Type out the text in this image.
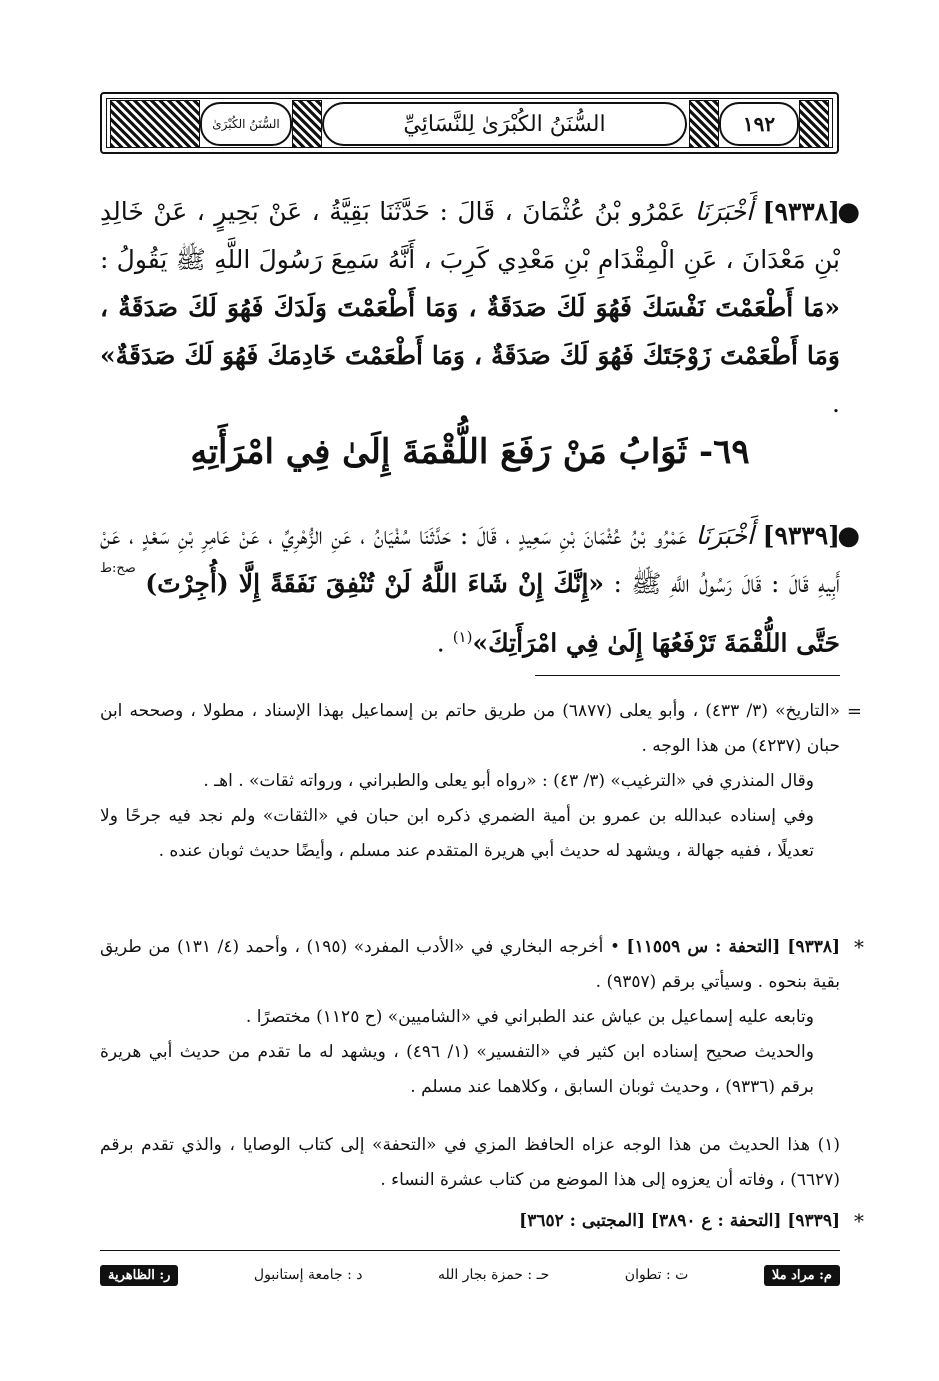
السُّنَنُ الكُبْرَىٰ	السُّنَنُ الكُبْرَىٰ لِلنَّسَائِيِّ	١٩٢
●
[٩٣٣٨] أَخْبَرَنَا عَمْرُو بْنُ عُثْمَانَ ، قَالَ : حَدَّثَنَا بَقِيَّةُ ، عَنْ بَحِيرٍ ، عَنْ خَالِدِ بْنِ مَعْدَانَ ، عَنِ الْمِقْدَامِ بْنِ مَعْدِي كَرِبَ ، أَنَّهُ سَمِعَ رَسُولَ اللَّهِ ﷺ يَقُولُ : «مَا أَطْعَمْتَ نَفْسَكَ فَهُوَ لَكَ صَدَقَةٌ ، وَمَا أَطْعَمْتَ وَلَدَكَ فَهُوَ لَكَ صَدَقَةٌ ، وَمَا أَطْعَمْتَ زَوْجَتَكَ فَهُوَ لَكَ صَدَقَةٌ ، وَمَا أَطْعَمْتَ خَادِمَكَ فَهُوَ لَكَ صَدَقَةٌ» .
٦٩- ثَوَابُ مَنْ رَفَعَ اللُّقْمَةَ إِلَىٰ فِي امْرَأَتِهِ
●
[٩٣٣٩] أَخْبَرَنَا عَمْرُو بْنُ عُثْمَانَ بْنِ سَعِيدٍ ، قَالَ : حَدَّثَنَا سُفْيَانُ ، عَنِ الزُّهْرِيِّ ، عَنْ عَامِرِ بْنِ سَعْدٍ ، عَنْ أَبِيهِ قَالَ : قَالَ رَسُولُ اللَّهِ ﷺ : «إِنَّكَ إِنْ شَاءَ اللَّهُ لَنْ تُنْفِقَ نَفَقَةً إِلَّا (أُجِرْتَ) $^{صح:ط}$ حَتَّى اللُّقْمَةَ تَرْفَعُهَا إِلَىٰ فِي امْرَأَتِكَ»$^{(١)}$ .
=

«التاريخ» (٣/ ٤٣٣) ، وأبو يعلى (٦٨٧٧) من طريق حاتم بن إسماعيل بهذا الإسناد ، مطولا ، وصححه ابن حبان (٤٢٣٧) من هذا الوجه .

وقال المنذري في «الترغيب» (٣/ ٤٣) : «رواه أبو يعلى والطبراني ، ورواته ثقات» . اهـ .

وفي إسناده عبدالله بن عمرو بن أمية الضمري ذكره ابن حبان في «الثقات» ولم نجد فيه جرحًا ولا تعديلًا ، ففيه جهالة ، ويشهد له حديث أبي هريرة المتقدم عند مسلم ، وأيضًا حديث ثوبان عنده .

*
[٩٣٣٨] [التحفة : س ١١٥٥٩] • أخرجه البخاري في «الأدب المفرد» (١٩٥) ، وأحمد (٤/ ١٣١) من طريق بقية بنحوه . وسيأتي برقم (٩٣٥٧) .

وتابعه عليه إسماعيل بن عياش عند الطبراني في «الشاميين» (ح ١١٢٥) مختصرًا .

والحديث صحيح إسناده ابن كثير في «التفسير» (١/ ٤٩٦) ، ويشهد له ما تقدم من حديث أبي هريرة برقم (٩٣٣٦) ، وحديث ثوبان السابق ، وكلاهما عند مسلم .

(١) هذا الحديث من هذا الوجه عزاه الحافظ المزي في «التحفة» إلى كتاب الوصايا ، والذي تقدم برقم (٦٦٢٧) ، وفاته أن يعزوه إلى هذا الموضع من كتاب عشرة النساء .
*
[٩٣٣٩] [التحفة : ع ٣٨٩٠] [المجتبى : ٣٦٥٢]
م: مراد ملا
ت : تطوان
حـ : حمزة بجار الله
د : جامعة إستانبول
ر: الظاهرية
